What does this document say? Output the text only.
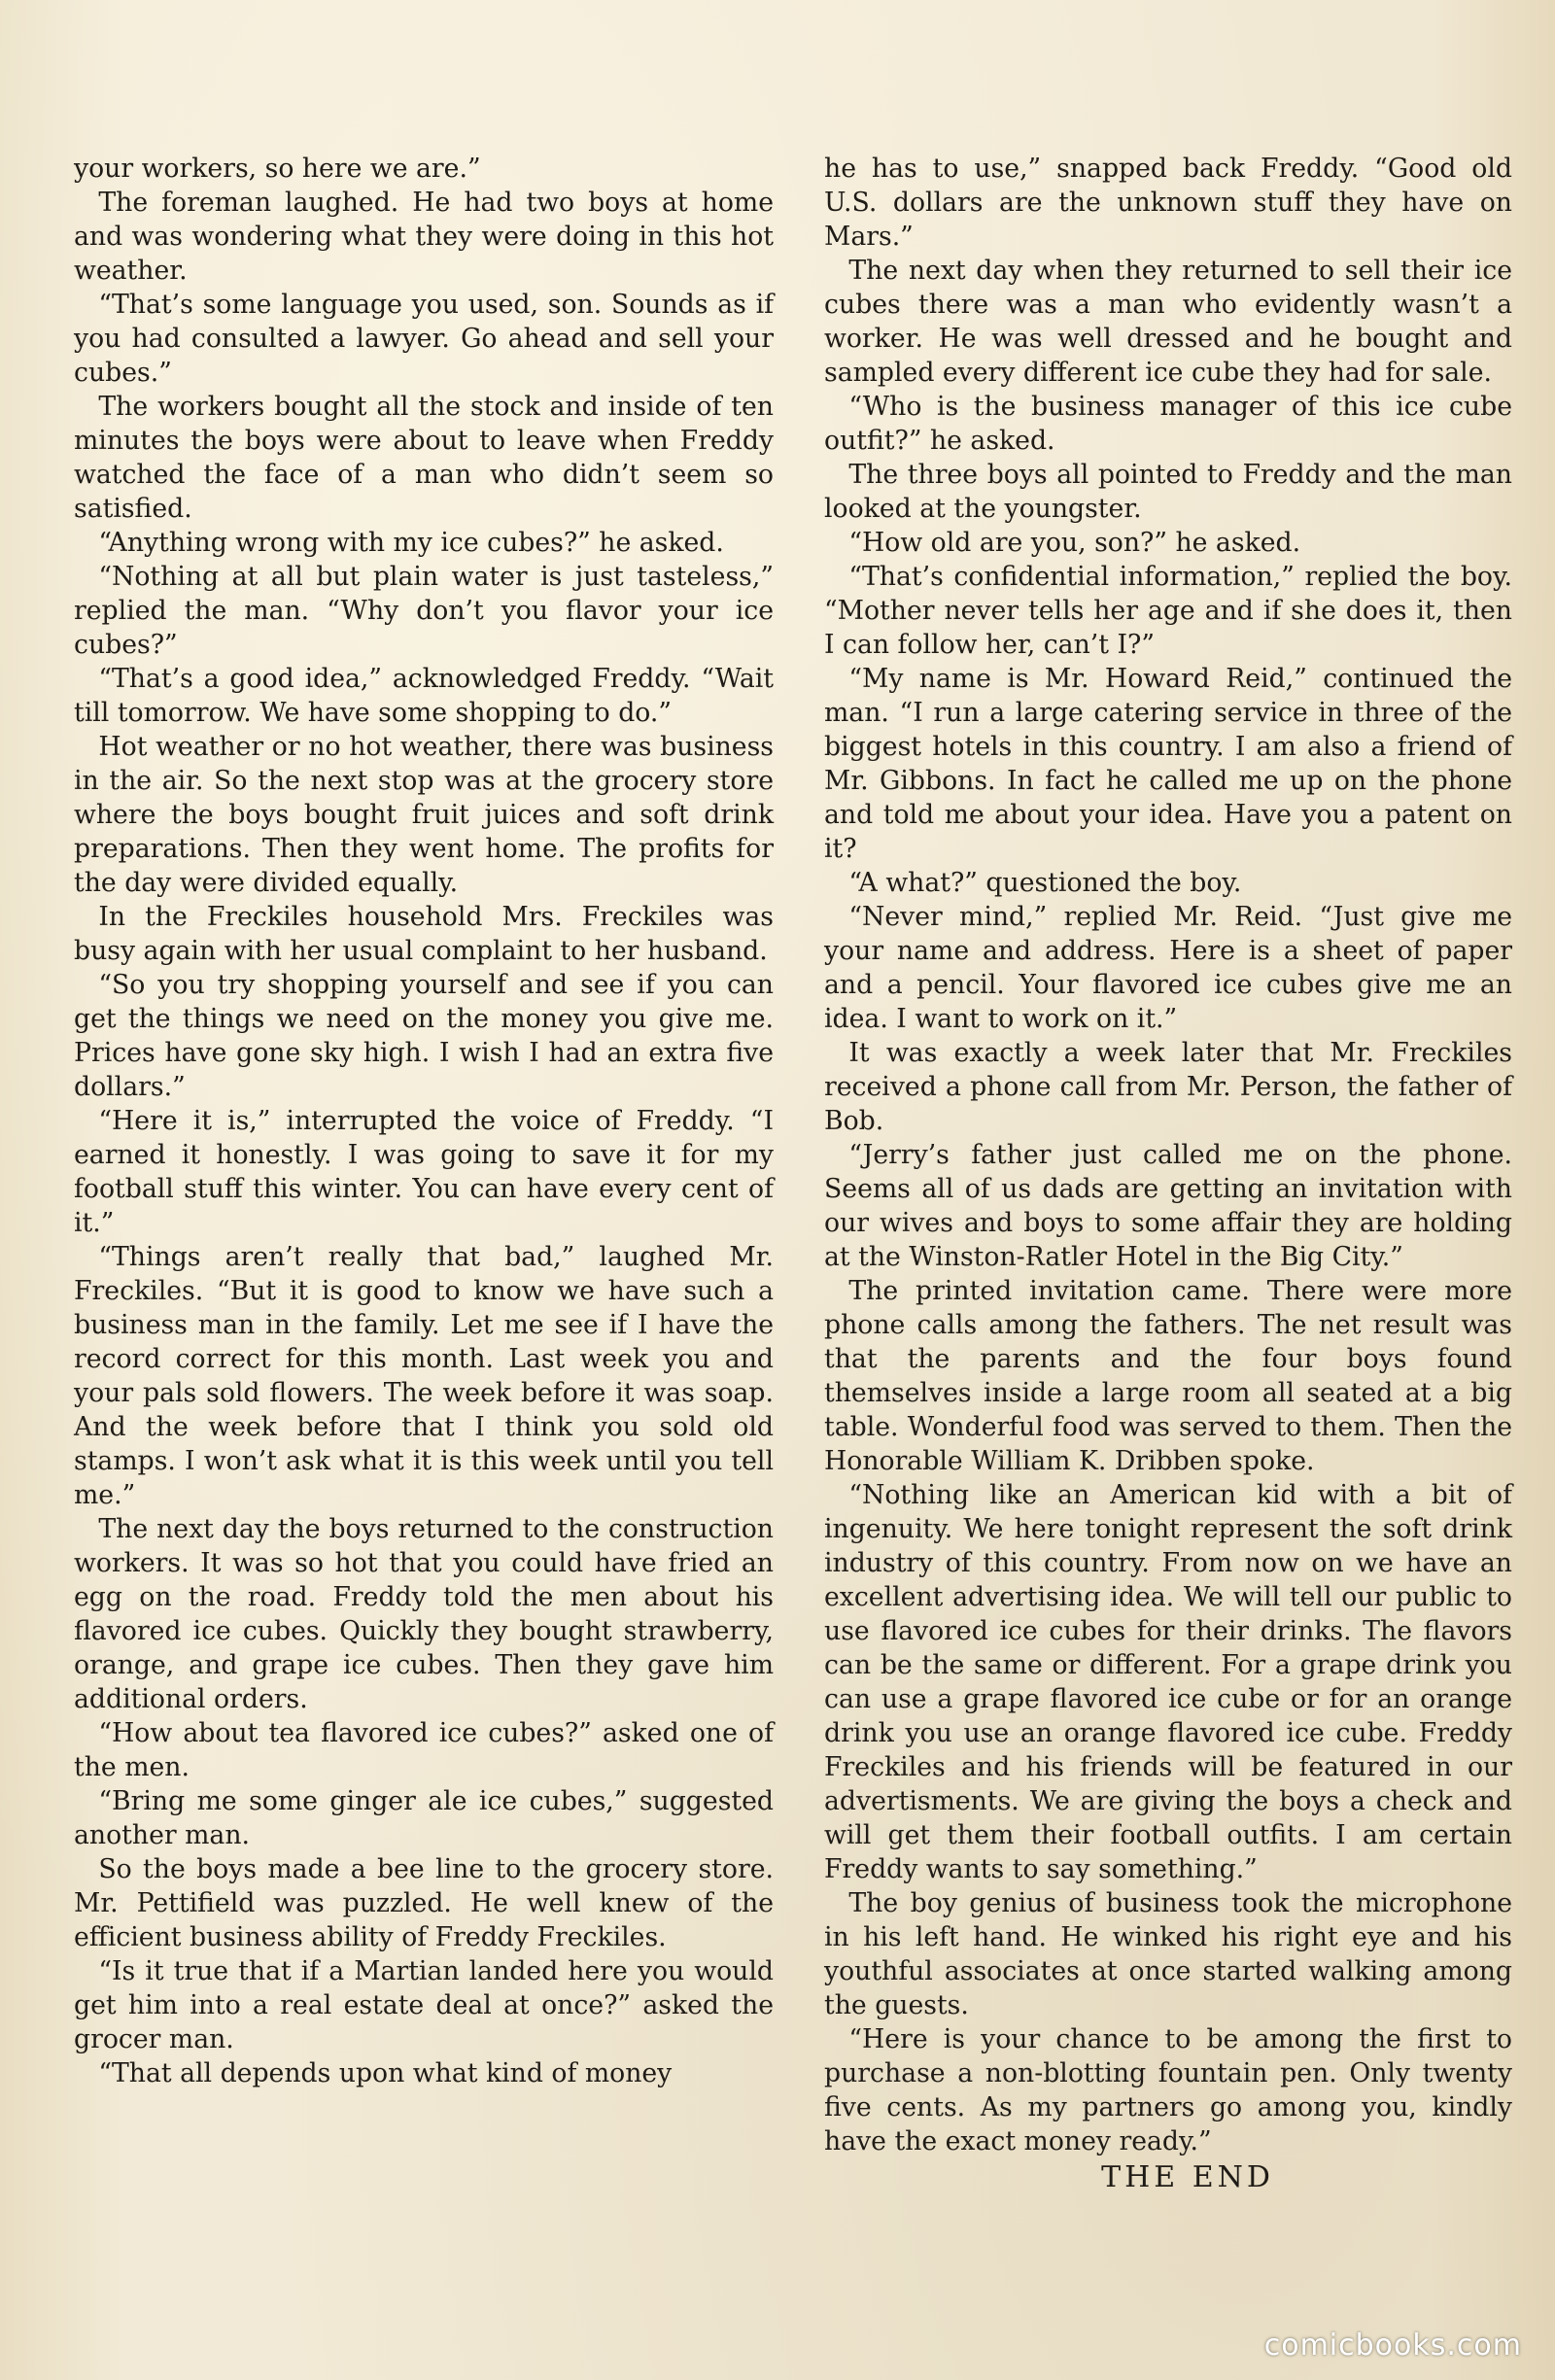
your workers, so here we are.”

The foreman laughed. He had two boys at home and was wondering what they were doing in this hot weather.

“That’s some language you used, son. Sounds as if you had consulted a lawyer. Go ahead and sell your cubes.”

The workers bought all the stock and inside of ten minutes the boys were about to leave when Freddy watched the face of a man who didn’t seem so satisfied.

“Anything wrong with my ice cubes?” he asked.

“Nothing at all but plain water is just tasteless,” replied the man. “Why don’t you flavor your ice cubes?”

“That’s a good idea,” acknowledged Freddy. “Wait till tomorrow. We have some shopping to do.”

Hot weather or no hot weather, there was business in the air. So the next stop was at the grocery store where the boys bought fruit juices and soft drink preparations. Then they went home. The profits for the day were divided equally.

In the Freckiles household Mrs. Freckiles was busy again with her usual complaint to her husband.

“So you try shopping yourself and see if you can get the things we need on the money you give me. Prices have gone sky high. I wish I had an extra five dollars.”

“Here it is,” interrupted the voice of Freddy. “I earned it honestly. I was going to save it for my football stuff this winter. You can have every cent of it.”

“Things aren’t really that bad,” laughed Mr. Freckiles. “But it is good to know we have such a business man in the family. Let me see if I have the record correct for this month. Last week you and your pals sold flowers. The week before it was soap. And the week before that I think you sold old stamps. I won’t ask what it is this week until you tell me.”

The next day the boys returned to the construction workers. It was so hot that you could have fried an egg on the road. Freddy told the men about his flavored ice cubes. Quickly they bought strawberry, orange, and grape ice cubes. Then they gave him additional orders.

“How about tea flavored ice cubes?” asked one of the men.

“Bring me some ginger ale ice cubes,” suggested another man.

So the boys made a bee line to the grocery store. Mr. Pettifield was puzzled. He well knew of the efficient business ability of Freddy Freckiles.

“Is it true that if a Martian landed here you would get him into a real estate deal at once?” asked the grocer man.

“That all depends upon what kind of money

he has to use,” snapped back Freddy. “Good old U.S. dollars are the unknown stuff they have on Mars.”

The next day when they returned to sell their ice cubes there was a man who evidently wasn’t a worker. He was well dressed and he bought and sampled every different ice cube they had for sale.

“Who is the business manager of this ice cube outfit?” he asked.

The three boys all pointed to Freddy and the man looked at the youngster.

“How old are you, son?” he asked.

“That’s confidential information,” replied the boy. “Mother never tells her age and if she does it, then I can follow her, can’t I?”

“My name is Mr. Howard Reid,” continued the man. “I run a large catering service in three of the biggest hotels in this country. I am also a friend of Mr. Gibbons. In fact he called me up on the phone and told me about your idea. Have you a patent on it?

“A what?” questioned the boy.

“Never mind,” replied Mr. Reid. “Just give me your name and address. Here is a sheet of paper and a pencil. Your flavored ice cubes give me an idea. I want to work on it.”

It was exactly a week later that Mr. Freckiles received a phone call from Mr. Person, the father of Bob.

“Jerry’s father just called me on the phone. Seems all of us dads are getting an invitation with our wives and boys to some affair they are holding at the Winston-Ratler Hotel in the Big City.”

The printed invitation came. There were more phone calls among the fathers. The net result was that the parents and the four boys found themselves inside a large room all seated at a big table. Wonderful food was served to them. Then the Honorable William K. Dribben spoke.

“Nothing like an American kid with a bit of ingenuity. We here tonight represent the soft drink industry of this country. From now on we have an excellent advertising idea. We will tell our public to use flavored ice cubes for their drinks. The flavors can be the same or different. For a grape drink you can use a grape flavored ice cube or for an orange drink you use an orange flavored ice cube. Freddy Freckiles and his friends will be featured in our advertisments. We are giving the boys a check and will get them their football outfits. I am certain Freddy wants to say something.”

The boy genius of business took the microphone in his left hand. He winked his right eye and his youthful associates at once started walking among the guests.

“Here is your chance to be among the first to purchase a non-blotting fountain pen. Only twenty five cents. As my partners go among you, kindly have the exact money ready.”

THE END
comicbooks.com
